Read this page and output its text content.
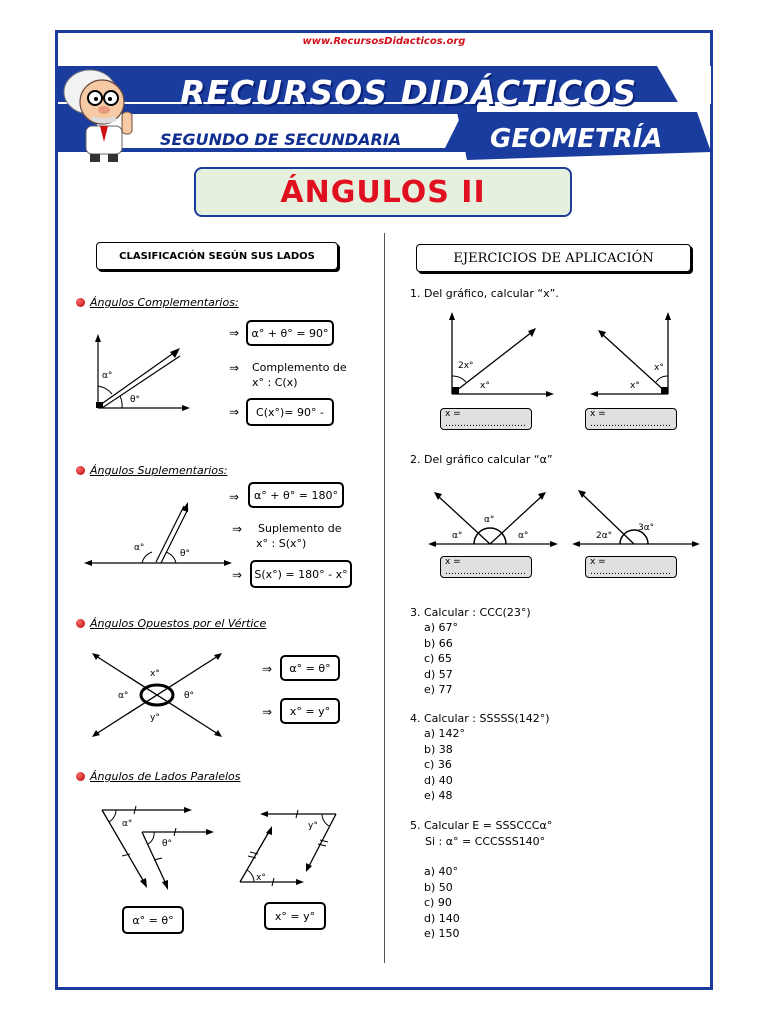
www.RecursosDidacticos.org
RECURSOS DIDÁCTICOS
SEGUNDO DE SECUNDARIA	GEOMETRÍA
ÁNGULOS II
CLASIFICACIÓN SEGÚN SUS LADOS
Ángulos Complementarios:
α°
θ°
⇒	α° + θ° = 90°
⇒ Complemento de
x° : C(x)
⇒	C(x°)= 90° -
Ángulos Suplementarios:
α°
θ°
⇒	α° + θ° = 180°
⇒ Suplemento de
x° : S(x°)
⇒	S(x°) = 180° - x°
Ángulos Opuestos por el Vértice
x°
α°	θ°
y°
⇒	α° = θ°
⇒	x° = y°
Ángulos de Lados Paralelos
α°
θ°
y°
x°
α° = θ°	x° = y°
EJERCICIOS DE APLICACIÓN
1. Del gráfico, calcular “x”.
2x°
x°
x°
x°
x = ………………………
x = ………………………
2. Del gráfico calcular “α”
α°
α°
α°	2α°
3α°
x = ………………………
x = ………………………
3. Calcular : CCC(23°)
a) 67°
b) 66
c) 65
d) 57
e) 77
4. Calcular : SSSSS(142°)
a) 142°
b) 38
c) 36
d) 40
e) 48
5. Calcular E = SSSCCCα°
Si : α° = CCCSSS140°
a) 40°
b) 50
c) 90
d) 140
e) 150
